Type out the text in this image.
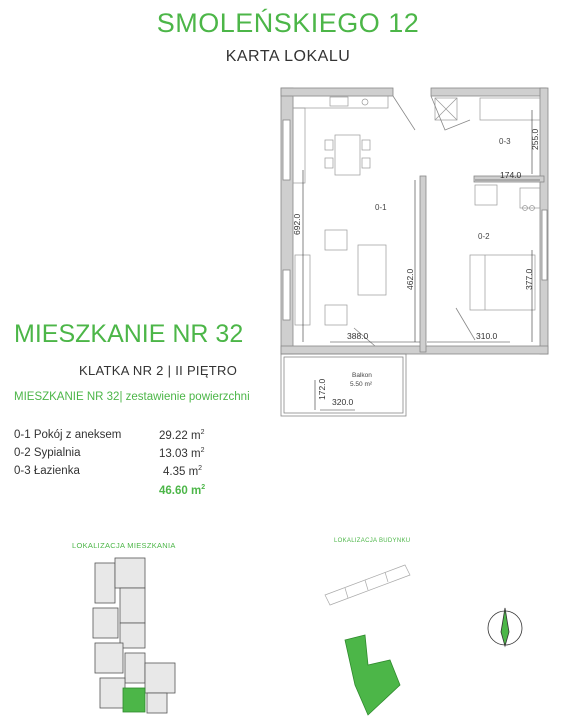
SMOLEŃSKIEGO 12
KARTA LOKALU
0-1
0-2
0-3
692.0
462.0
388.0	310.0
377.0
174.0
255.0
172.0
320.0
Balkon
5.50 m²
MIESZKANIE NR 32
KLATKA NR 2 | II PIĘTRO
MIESZKANIE NR 32| zestawienie powierzchni
0-1 Pokój z aneksem	29.22 $m^2$
0-2 Sypialnia	13.03 $m^2$
0-3 Łazienka	4.35 $m^2$
46.60 $m^2$
LOKALIZACJA MIESZKANIA	LOKALIZACJA BUDYNKU
